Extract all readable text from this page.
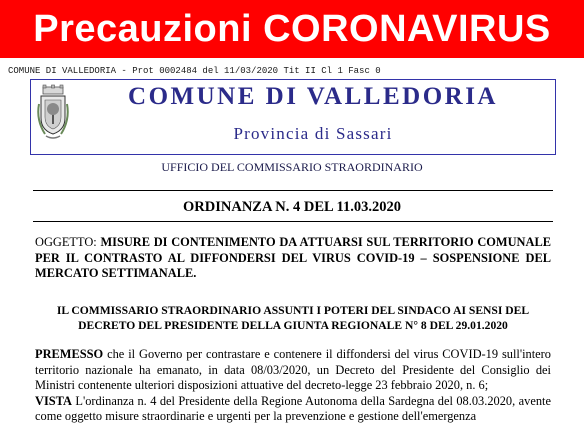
Precauzioni CORONAVIRUS
COMUNE DI VALLEDORIA - Prot 0002484 del 11/03/2020 Tit II Cl 1 Fasc 0
COMUNE DI VALLEDORIA
Provincia di Sassari
UFFICIO DEL COMMISSARIO STRAORDINARIO
ORDINANZA N. 4 DEL 11.03.2020
OGGETTO: MISURE DI CONTENIMENTO DA ATTUARSI SUL TERRITORIO COMUNALE PER IL CONTRASTO AL DIFFONDERSI DEL VIRUS COVID-19 – SOSPENSIONE DEL MERCATO SETTIMANALE.
IL COMMISSARIO STRAORDINARIO ASSUNTI I POTERI DEL SINDACO AI SENSI DEL
DECRETO DEL PRESIDENTE DELLA GIUNTA REGIONALE N° 8 DEL 29.01.2020

PREMESSO che il Governo per contrastare e contenere il diffondersi del virus COVID-19 sull'intero territorio nazionale ha emanato, in data 08/03/2020, un Decreto del Presidente del Consiglio dei Ministri contenente ulteriori disposizioni attuative del decreto-legge 23 febbraio 2020, n. 6;

VISTA L'ordinanza n. 4 del Presidente della Regione Autonoma della Sardegna del 08.03.2020, avente come oggetto misure straordinarie e urgenti per la prevenzione e gestione dell'emergenza
